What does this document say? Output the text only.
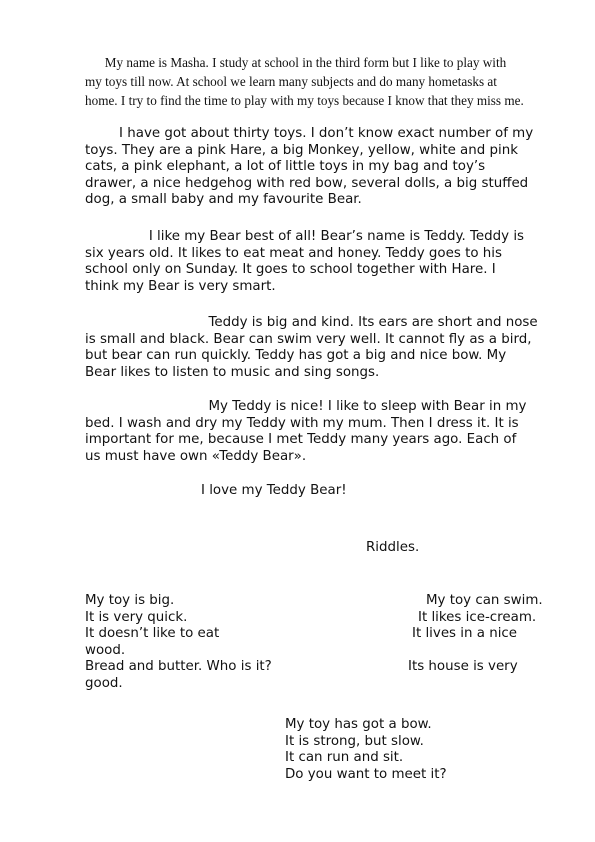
My name is Masha. I study at school in the third form but I like to play with
my toys till now. At school we learn many subjects and do many hometasks at
home. I try to find the time to play with my toys because I know that they miss me.
I have got about thirty toys. I don’t know exact number of my
toys. They are a pink Hare, a big Monkey, yellow, white and pink
cats, a pink elephant, a lot of little toys in my bag and toy’s
drawer, a nice hedgehog with red bow, several dolls, a big stuffed
dog, a small baby and my favourite Bear.
I like my Bear best of all! Bear’s name is Teddy. Teddy is
six years old. It likes to eat meat and honey. Teddy goes to his
school only on Sunday. It goes to school together with Hare. I
think my Bear is very smart.
Teddy is big and kind. Its ears are short and nose
is small and black. Bear can swim very well. It cannot fly as a bird,
but bear can run quickly. Teddy has got a big and nice bow. My
Bear likes to listen to music and sing songs.
My Teddy is nice! I like to sleep with Bear in my
bed. I wash and dry my Teddy with my mum. Then I dress it. It is
important for me, because I met Teddy many years ago. Each of
us must have own «Teddy Bear».
I love my Teddy Bear!
Riddles.
My toy is big.
It is very quick.
It doesn’t like to eat
wood.
Bread and butter. Who is it?
good.
My toy can swim.
It likes ice-cream.
It lives in a nice
Its house is very
My toy has got a bow.
It is strong, but slow.
It can run and sit.
Do you want to meet it?
